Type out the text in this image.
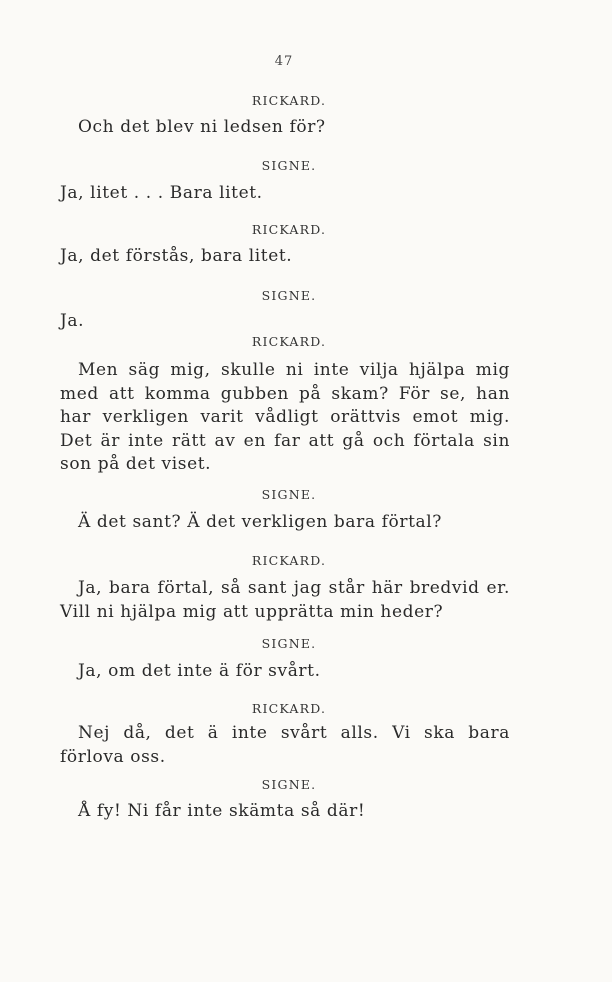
47
RICKARD.
Och det blev ni ledsen för?
SIGNE.
Ja, litet . . . Bara litet.
RICKARD.
Ja, det förstås, bara litet.
SIGNE.
Ja.
RICKARD.
Men säg mig, skulle ni inte vilja hjälpa mig med att komma gubben på skam? För se, han har verkligen varit vådligt orättvis emot mig. Det är inte rätt av en far att gå och förtala sin son på det viset.
SIGNE.
Ä det sant? Ä det verkligen bara förtal?
RICKARD.
Ja, bara förtal, så sant jag står här bredvid er. Vill ni hjälpa mig att upprätta min heder?
SIGNE.
Ja, om det inte ä för svårt.
RICKARD.
Nej då, det ä inte svårt alls. Vi ska bara förlova oss.
SIGNE.
Å fy! Ni får inte skämta så där!
